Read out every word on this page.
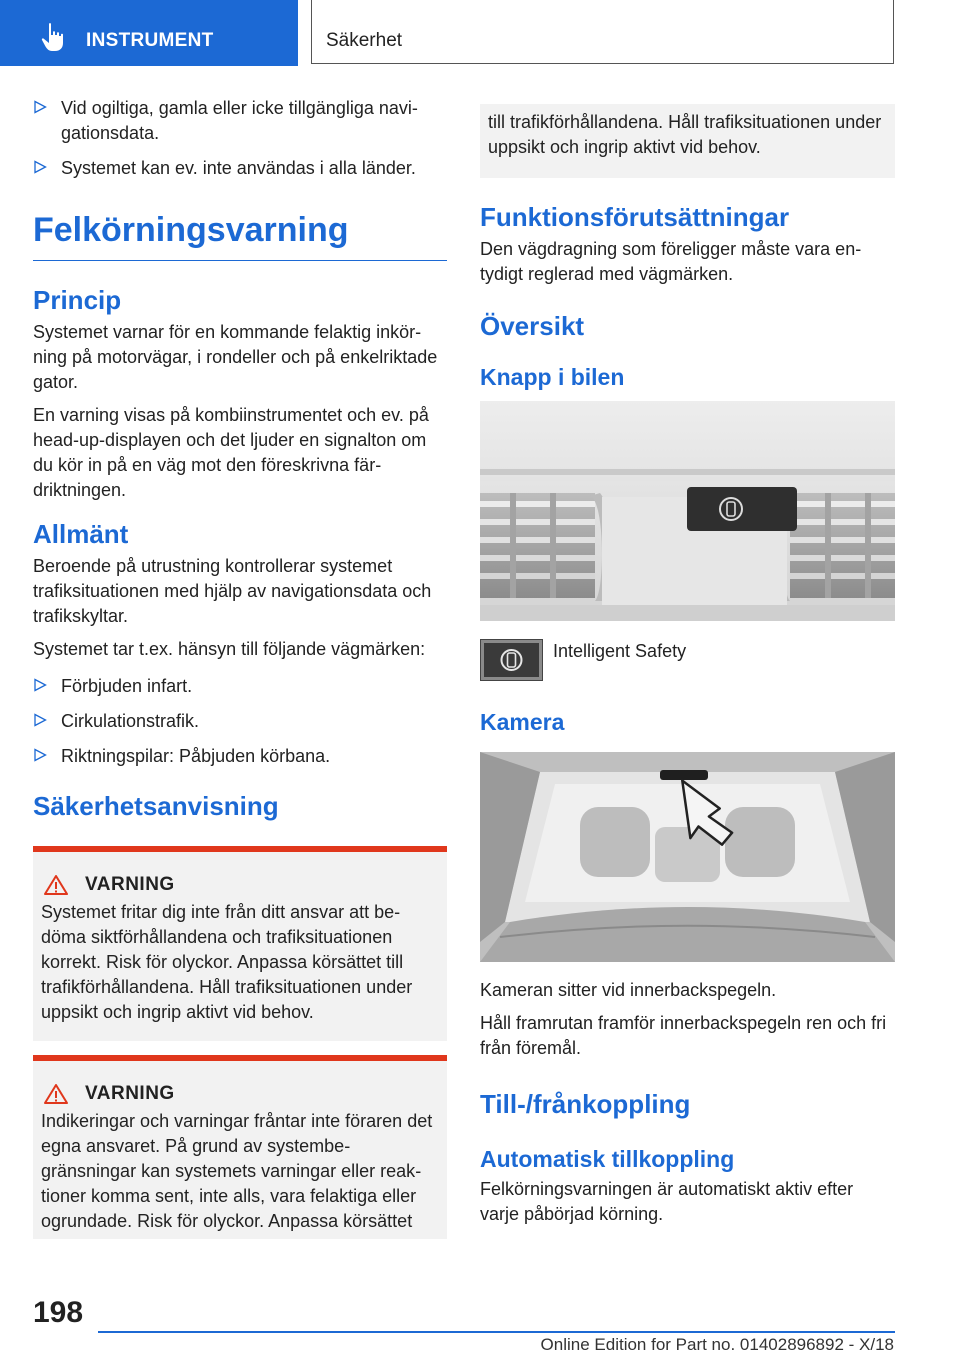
INSTRUMENT	Säkerhet
Vid ogiltiga, gamla eller icke tillgängliga navigationsdata.
Systemet kan ev. inte användas i alla länder.
Felkörningsvarning
Princip

Systemet varnar för en kommande felaktig inkörning på motorvägar, i rondeller och på enkelriktade gator.

En varning visas på kombiinstrumentet och ev. på head-up-displayen och det ljuder en signalton om du kör in på en väg mot den föreskrivna färdriktningen.

Allmänt

Beroende på utrustning kontrollerar systemet trafiksituationen med hjälp av navigationsdata och trafikskyltar.

Systemet tar t.ex. hänsyn till följande vägmärken:

Förbjuden infart.
Cirkulationstrafik.
Riktningspilar: Påbjuden körbana.
Säkerhetsanvisning
VARNING

Systemet fritar dig inte från ditt ansvar att bedöma siktförhållandena och trafiksituationen korrekt. Risk för olyckor. Anpassa körsättet till trafikförhållandena. Håll trafiksituationen under uppsikt och ingrip aktivt vid behov.

VARNING

Indikeringar och varningar fråntar inte föraren det egna ansvaret. På grund av systembegränsningar kan systemets varningar eller reaktioner komma sent, inte alls, vara felaktiga eller ogrundade. Risk för olyckor. Anpassa körsättet

till trafikförhållandena. Håll trafiksituationen under uppsikt och ingrip aktivt vid behov.

Funktionsförutsättningar

Den vägdragning som föreligger måste vara entydigt reglerad med vägmärken.

Översikt
Knapp i bilen
Intelligent Safety
Kamera

Kameran sitter vid innerbackspegeln.

Håll framrutan framför innerbackspegeln ren och fri från föremål.

Till-/frånkoppling
Automatisk tillkoppling

Felkörningsvarningen är automatiskt aktiv efter varje påbörjad körning.

198
Online Edition for Part no. 01402896892 - X/18
